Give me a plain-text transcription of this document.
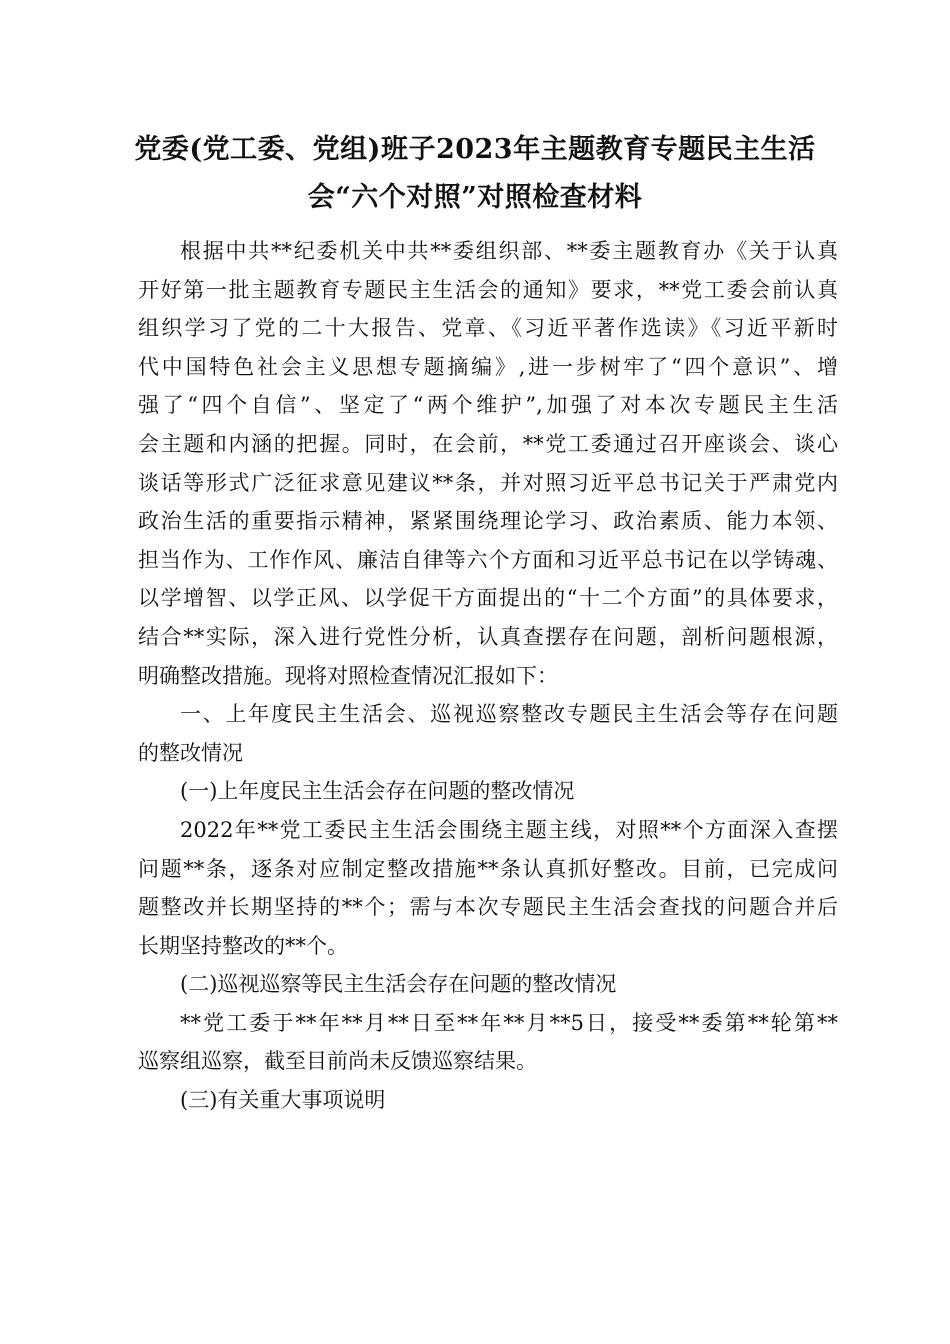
党委(党工委、党组)班子2023年主题教育专题民主生活
会“六个对照”对照检查材料
根据中共**纪委机关中共**委组织部、**委主题教育办《关于认真
开好第一批主题教育专题民主生活会的通知》要求，**党工委会前认真
组织学习了党的二十大报告、党章、《习近平著作选读》《习近平新时
代中国特色社会主义思想专题摘编》,进一步树牢了“四个意识”、增
强了“四个自信”、坚定了“两个维护”,加强了对本次专题民主生活
会主题和内涵的把握。同时，在会前，**党工委通过召开座谈会、谈心
谈话等形式广泛征求意见建议**条，并对照习近平总书记关于严肃党内
政治生活的重要指示精神，紧紧围绕理论学习、政治素质、能力本领、
担当作为、工作作风、廉洁自律等六个方面和习近平总书记在以学铸魂、
以学增智、以学正风、以学促干方面提出的“十二个方面”的具体要求，
结合**实际，深入进行党性分析，认真查摆存在问题，剖析问题根源，
明确整改措施。现将对照检查情况汇报如下：
一、上年度民主生活会、巡视巡察整改专题民主生活会等存在问题
的整改情况
(一)上年度民主生活会存在问题的整改情况
2022年**党工委民主生活会围绕主题主线，对照**个方面深入查摆
问题**条，逐条对应制定整改措施**条认真抓好整改。目前，已完成问
题整改并长期坚持的**个；需与本次专题民主生活会查找的问题合并后
长期坚持整改的**个。
(二)巡视巡察等民主生活会存在问题的整改情况
**党工委于**年**月**日至**年**月**5日，接受**委第**轮第**
巡察组巡察，截至目前尚未反馈巡察结果。
(三)有关重大事项说明
